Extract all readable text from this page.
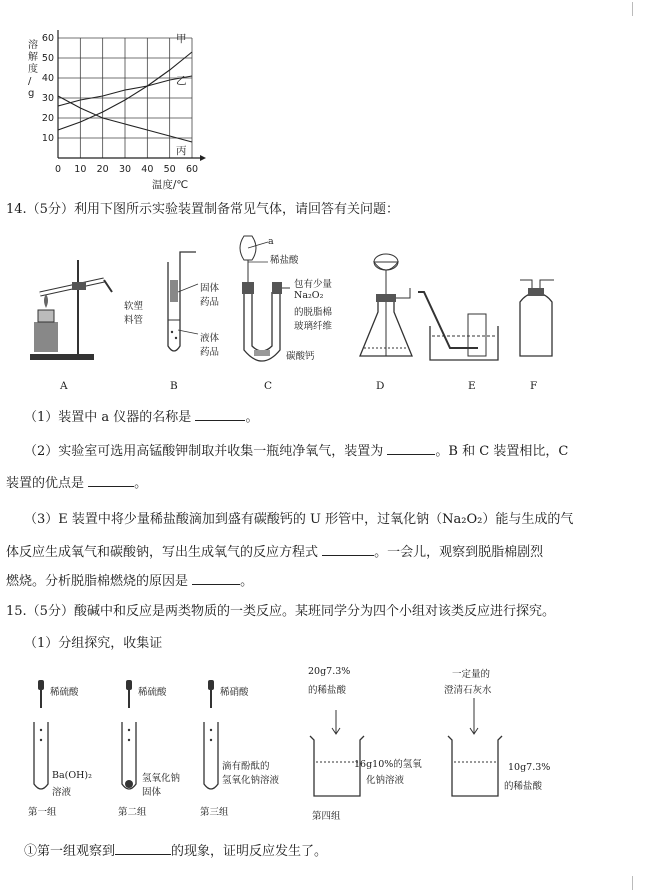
0 10 20 30 40 50 60
10
20
30
40
50
60
溶解度/ g
温度/℃
甲
乙
丙
14.（5分）利用下图所示实验装置制备常见气体，请回答有关问题：
a
稀盐酸
固体
药品
软塑
料管
液体
药品
包有少量
Na₂O₂
的脱脂棉
玻璃纤维
碳酸钙
A	B	C	D	E	F
（1）装置中 a 仪器的名称是	。
（2）实验室可选用高锰酸钾制取并收集一瓶纯净氧气，装置为	。B 和 C 装置相比，C
装置的优点是	。
（3）E 装置中将少量稀盐酸滴加到盛有碳酸钙的 U 形管中，过氧化钠（Na₂O₂）能与生成的气
体反应生成氧气和碳酸钠，写出生成氧气的反应方程式	。一会儿，观察到脱脂棉剧烈
燃烧。分析脱脂棉燃烧的原因是	。
15.（5分）酸碱中和反应是两类物质的一类反应。某班同学分为四个小组对该类反应进行探究。
（1）分组探究，收集证
稀硫酸
Ba(OH)₂
溶液
第一组
稀硫酸
氢氧化钠
固体
第二组
稀硝酸
滴有酚酞的
氢氧化钠溶液
第三组
20g7.3%
的稀盐酸
16g10%的氢氧
化钠溶液
一定量的
澄清石灰水
10g7.3%
的稀盐酸
第四组
①第一组观察到	的现象，证明反应发生了。
